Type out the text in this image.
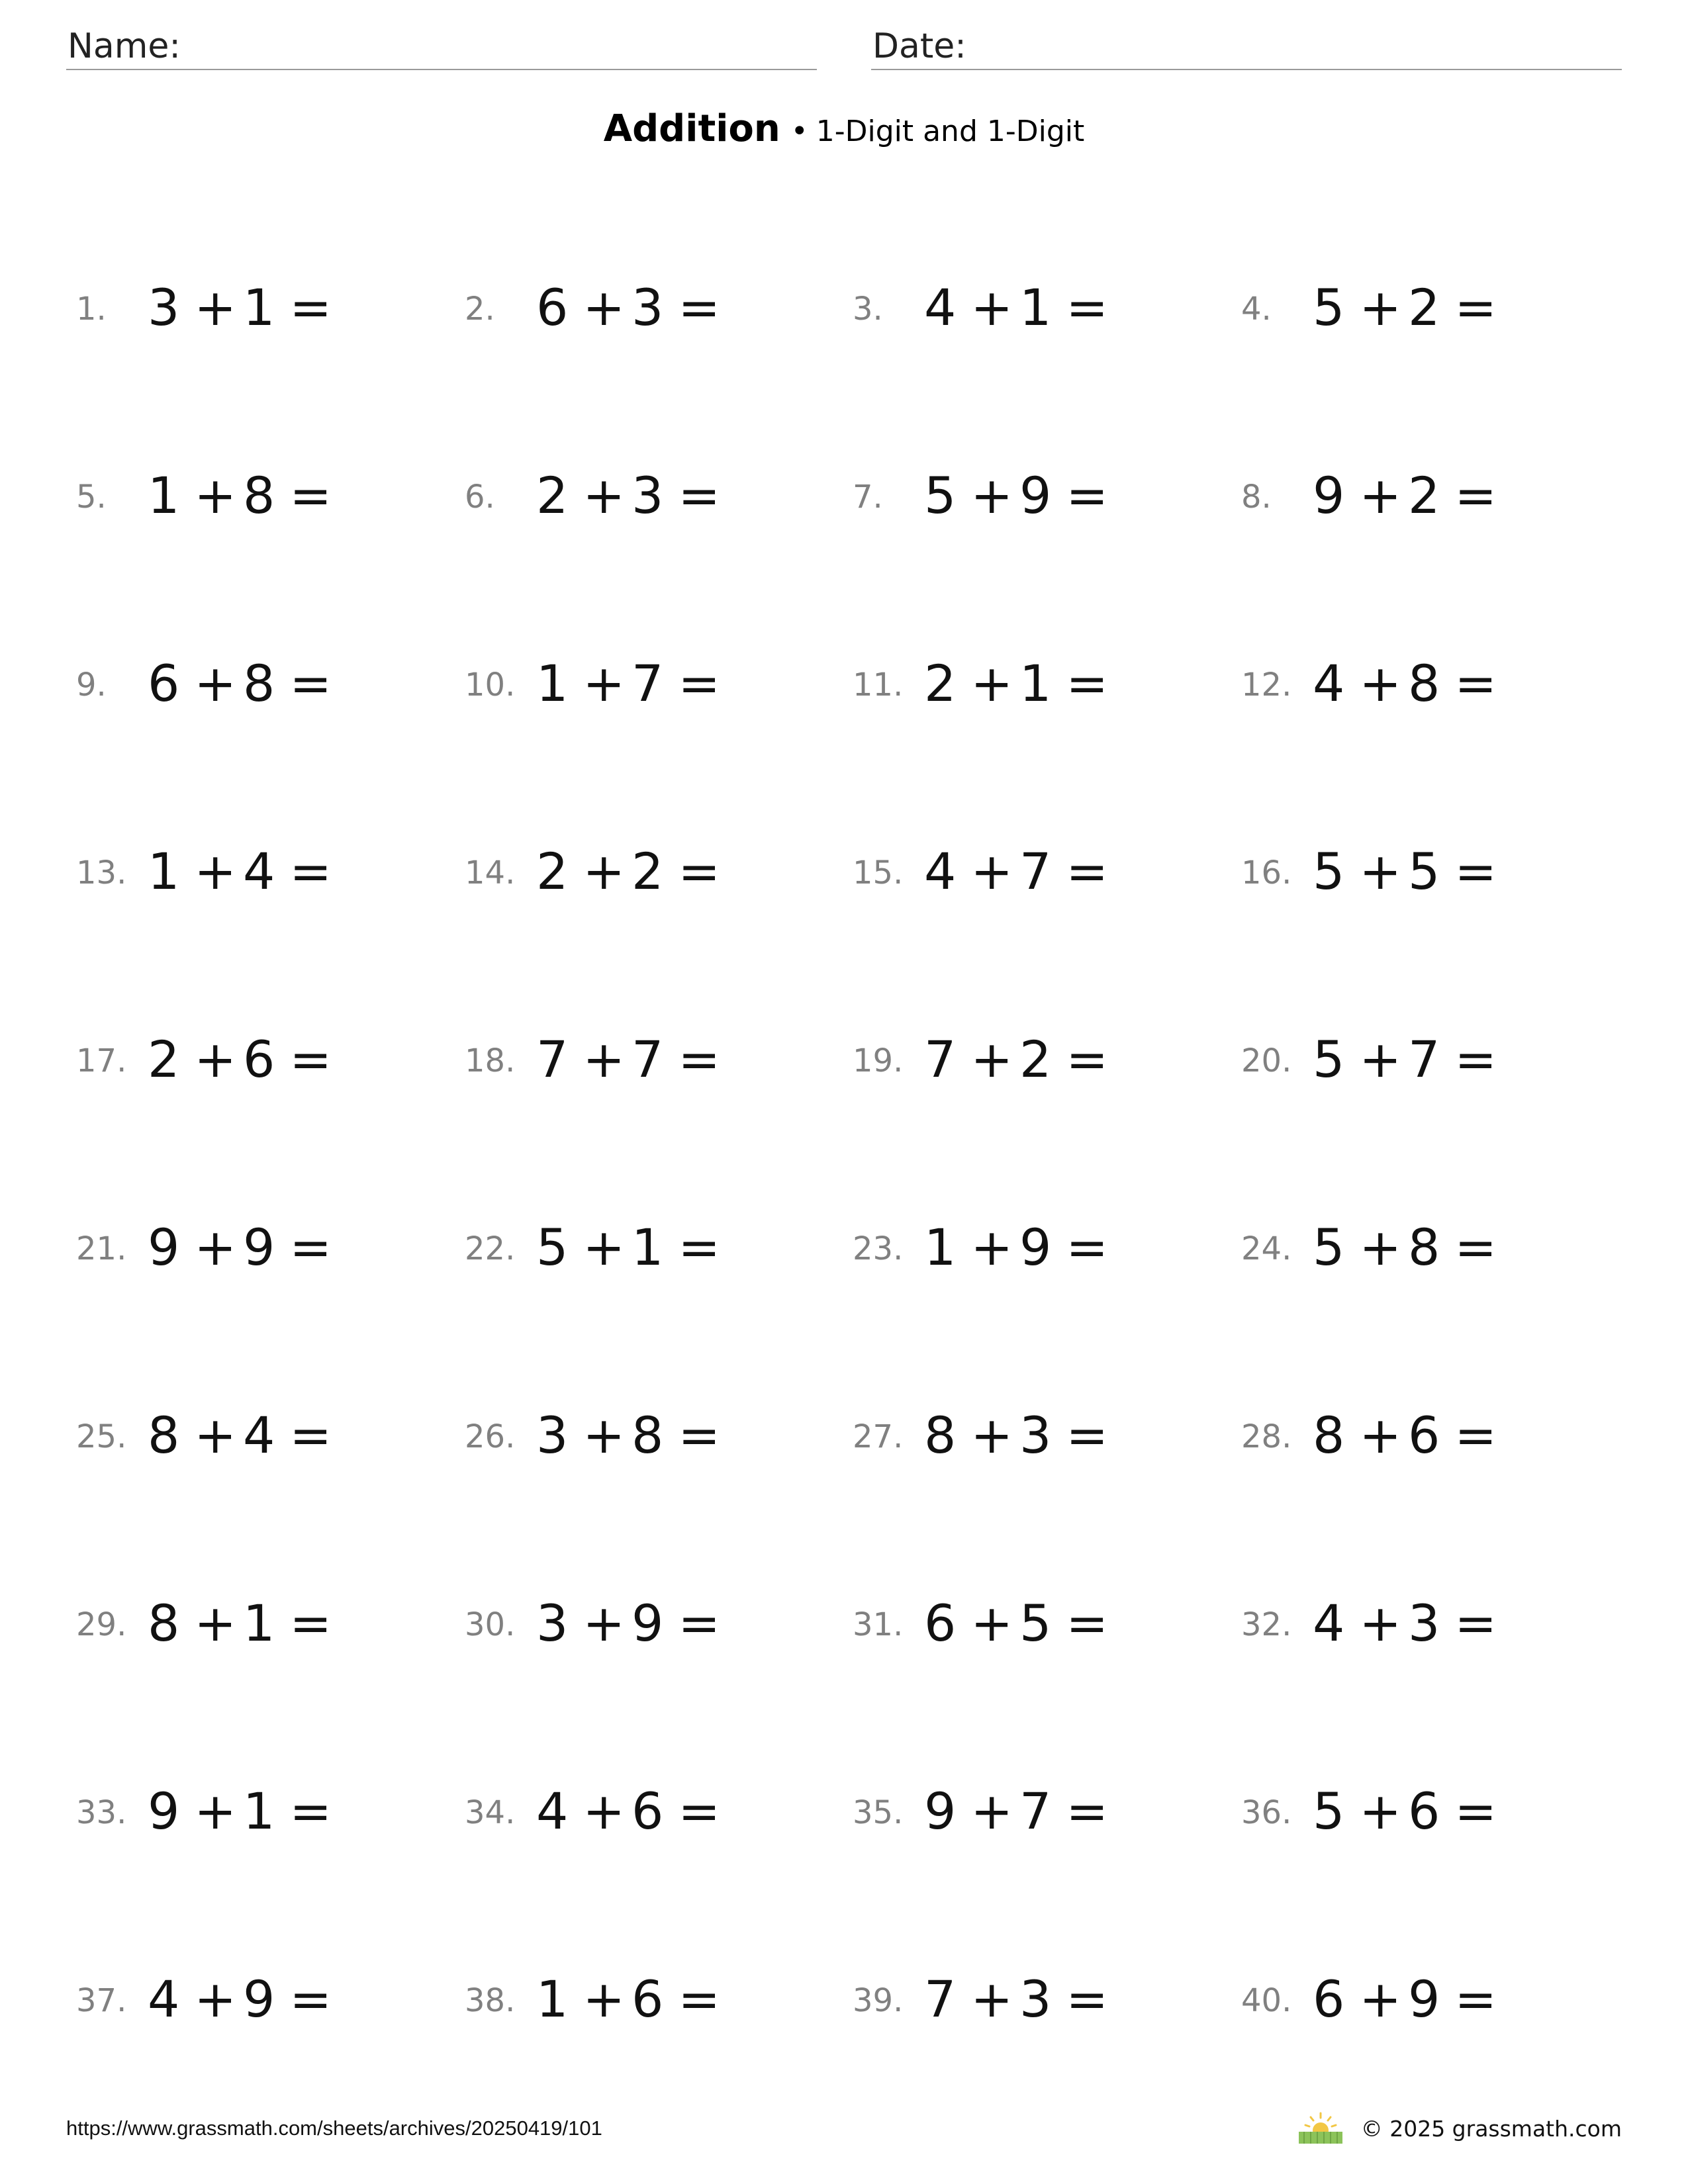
Name:	Date:
Addition • 1-Digit and 1-Digit
1. 3 + 1 =	2. 6 + 3 =	3. 4 + 1 =	4. 5 + 2 =
5. 1 + 8 =	6. 2 + 3 =	7. 5 + 9 =	8. 9 + 2 =
9. 6 + 8 =	10. 1 + 7 =	11. 2 + 1 =	12. 4 + 8 =
13. 1 + 4 =	14. 2 + 2 =	15. 4 + 7 =	16. 5 + 5 =
17. 2 + 6 =	18. 7 + 7 =	19. 7 + 2 =	20. 5 + 7 =
21. 9 + 9 =	22. 5 + 1 =	23. 1 + 9 =	24. 5 + 8 =
25. 8 + 4 =	26. 3 + 8 =	27. 8 + 3 =	28. 8 + 6 =
29. 8 + 1 =	30. 3 + 9 =	31. 6 + 5 =	32. 4 + 3 =
33. 9 + 1 =	34. 4 + 6 =	35. 9 + 7 =	36. 5 + 6 =
37. 4 + 9 =	38. 1 + 6 =	39. 7 + 3 =	40. 6 + 9 =
https://www.grassmath.com/sheets/archives/20250419/101	© 2025 grassmath.com
